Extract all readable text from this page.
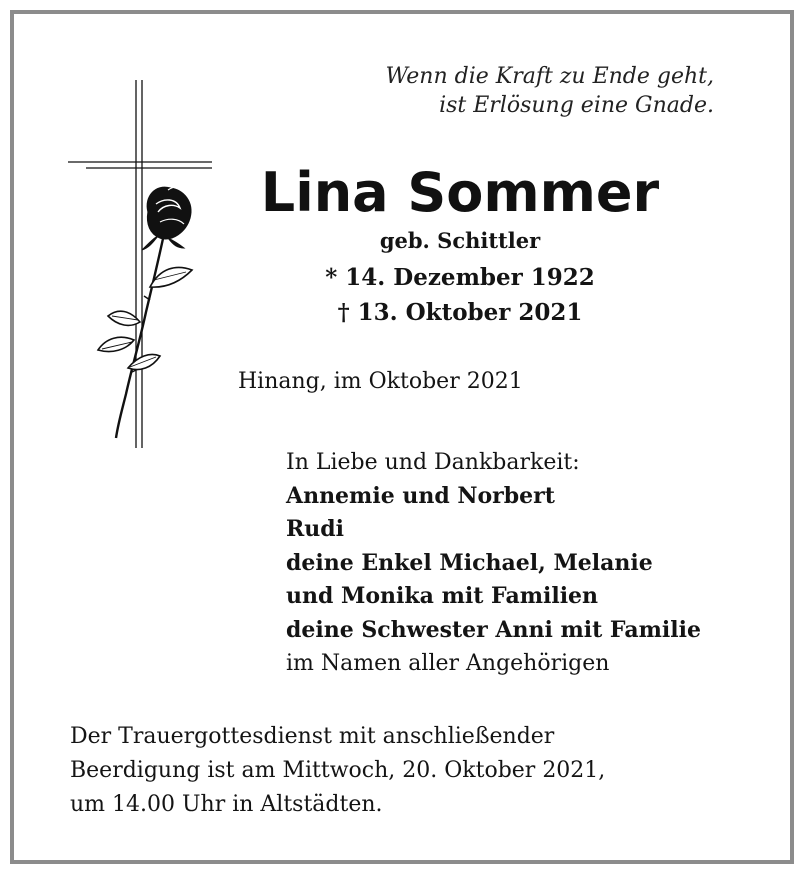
Wenn die Kraft zu Ende geht,
ist Erlösung eine Gnade.
Lina Sommer
geb. Schittler
* 14. Dezember 1922
† 13. Oktober 2021
Hinang, im Oktober 2021
In Liebe und Dankbarkeit:
Annemie und Norbert
Rudi
deine Enkel Michael, Melanie
und Monika mit Familien
deine Schwester Anni mit Familie
im Namen aller Angehörigen
Der Trauergottesdienst mit anschließender
Beerdigung ist am Mittwoch, 20. Oktober 2021,
um 14.00 Uhr in Altstädten.
